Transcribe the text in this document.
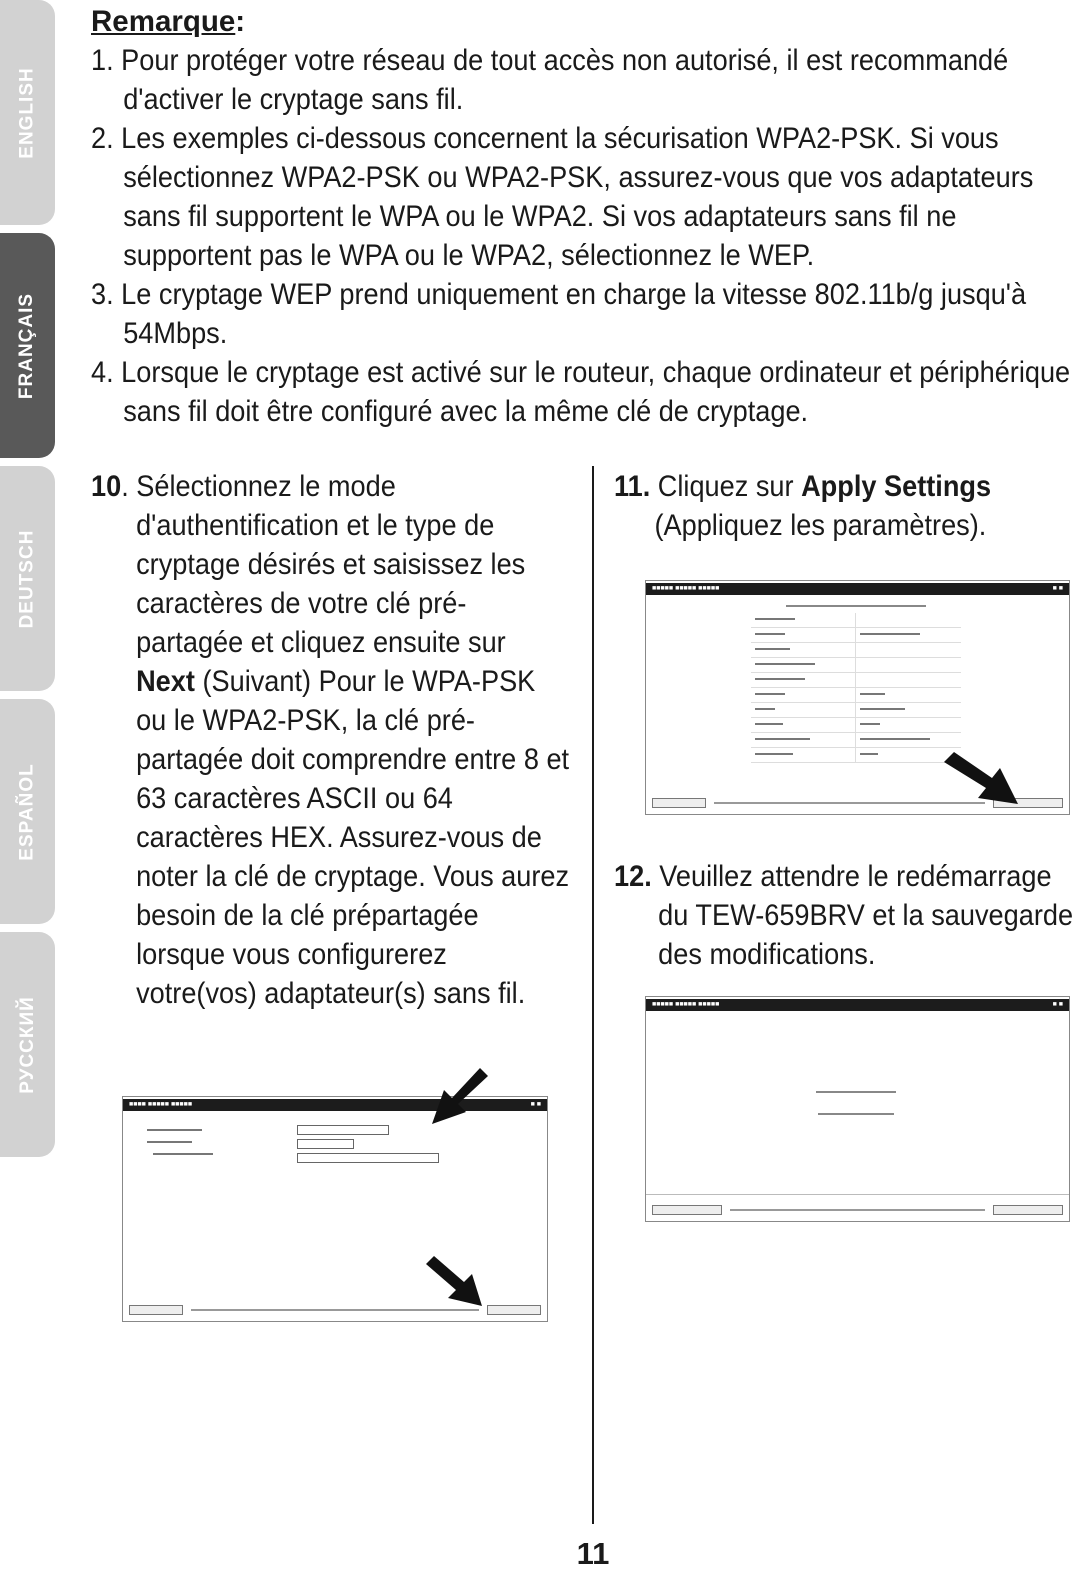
ENGLISH
FRANÇAIS
DEUTSCH
ESPAÑOL
РУССКИЙ
Remarque:
1. Pour protéger votre réseau de tout accès non autorisé, il est recommandé d'activer le cryptage sans fil.
2. Les exemples ci-dessous concernent la sécurisation WPA2-PSK. Si vous sélectionnez WPA2-PSK ou WPA2-PSK, assurez-vous que vos adaptateurs sans fil supportent le WPA ou le WPA2. Si vos adaptateurs sans fil ne supportent pas le WPA ou le WPA2, sélectionnez le WEP.
3. Le cryptage WEP prend uniquement en charge la vitesse 802.11b/g jusqu'à 54Mbps.
4. Lorsque le cryptage est activé sur le routeur, chaque ordinateur et périphérique sans fil doit être configuré avec la même clé de cryptage.
10. Sélectionnez le mode d'authentification et le type de cryptage désirés et saisissez les caractères de votre clé pré-partagée et cliquez ensuite sur Next (Suivant) Pour le WPA-PSK ou le WPA2-PSK, la clé pré-partagée doit comprendre entre 8 et 63 caractères ASCII ou 64 caractères HEX. Assurez-vous de noter la clé de cryptage. Vous aurez besoin de la clé prépartagée lorsque vous configurerez votre(vos) adaptateur(s) sans fil.
11. Cliquez sur Apply Settings
(Appliquez les paramètres).
12. Veuillez attendre le redémarrage du TEW-659BRV et la sauvegarde des modifications.
■■■■ ■■■■■ ■■■■■	■ ■
■■■■■ ■■■■■ ■■■■■	■ ■
■■■■■ ■■■■■ ■■■■■	■ ■
11
